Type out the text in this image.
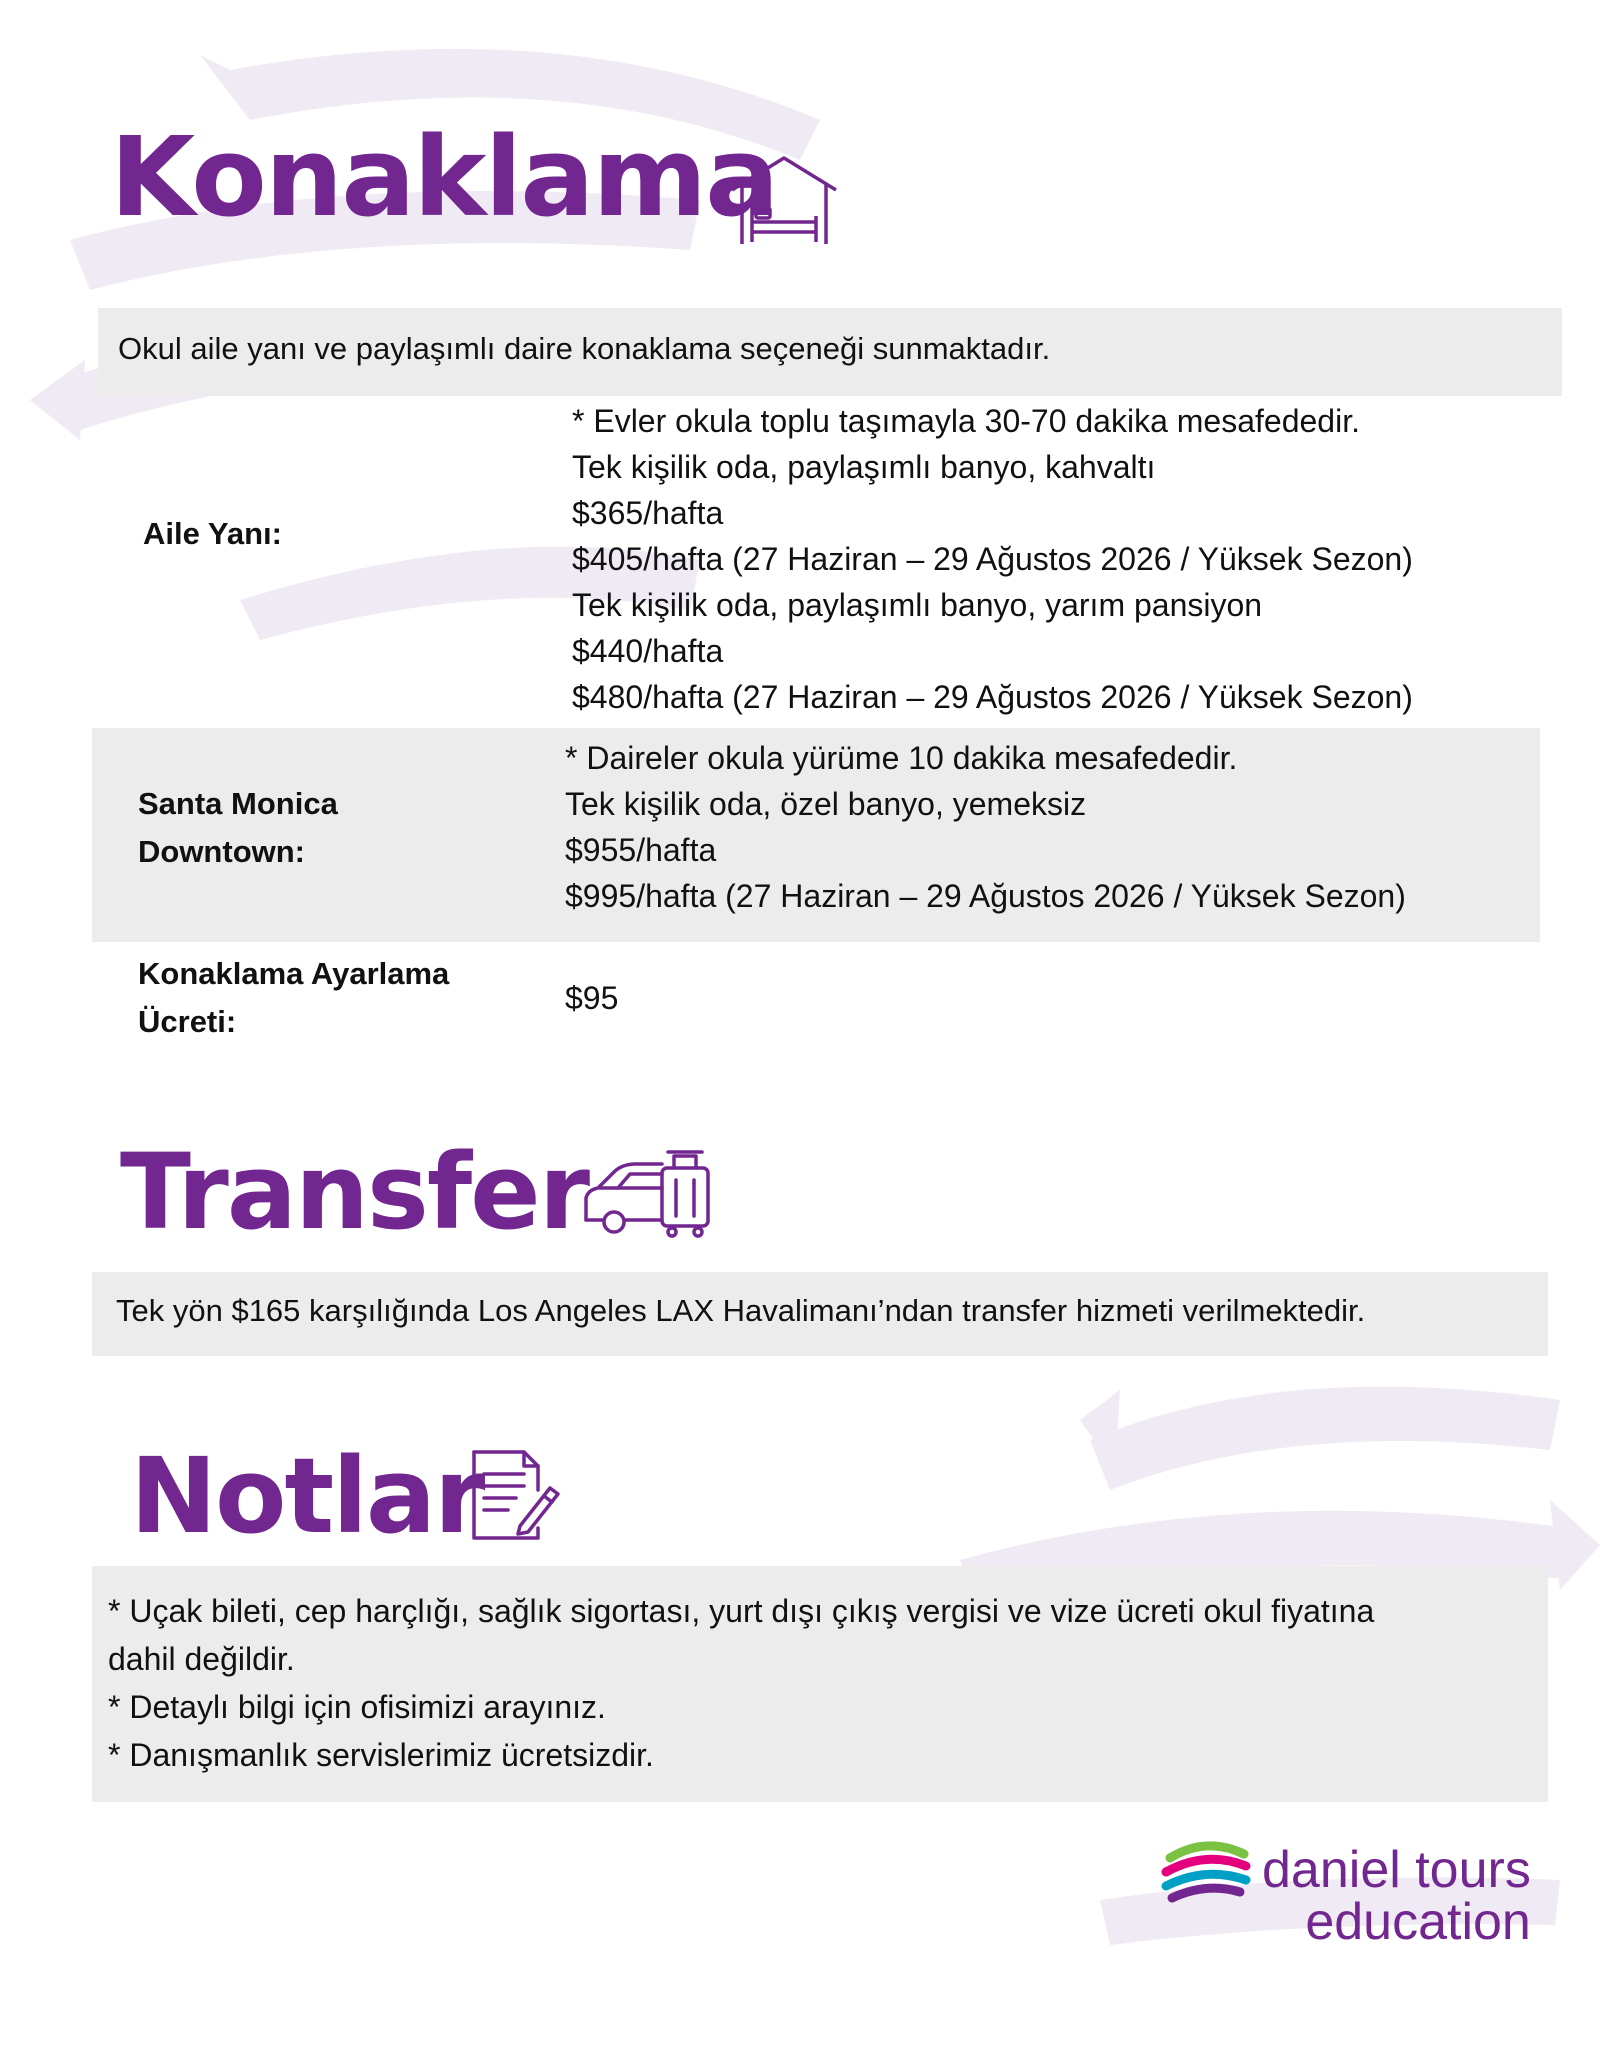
Konaklama
Okul aile yanı ve paylaşımlı daire konaklama seçeneği sunmaktadır.
Aile Yanı:
* Evler okula toplu taşımayla 30-70 dakika mesafededir.
Tek kişilik oda, paylaşımlı banyo, kahvaltı
$365/hafta
$405/hafta (27 Haziran – 29 Ağustos 2026 / Yüksek Sezon)
Tek kişilik oda, paylaşımlı banyo, yarım pansiyon
$440/hafta
$480/hafta (27 Haziran – 29 Ağustos 2026 / Yüksek Sezon)
Santa Monica
Downtown:
* Daireler okula yürüme 10 dakika mesafededir.
Tek kişilik oda, özel banyo, yemeksiz
$955/hafta
$995/hafta (27 Haziran – 29 Ağustos 2026 / Yüksek Sezon)
Konaklama Ayarlama
Ücreti:
$95
Transfer
Tek yön $165 karşılığında Los Angeles LAX Havalimanı’ndan transfer hizmeti verilmektedir.
Notlar
* Uçak bileti, cep harçlığı, sağlık sigortası, yurt dışı çıkış vergisi ve vize ücreti okul fiyatına
dahil değildir.
* Detaylı bilgi için ofisimizi arayınız.
* Danışmanlık servislerimiz ücretsizdir.
daniel tours
education
